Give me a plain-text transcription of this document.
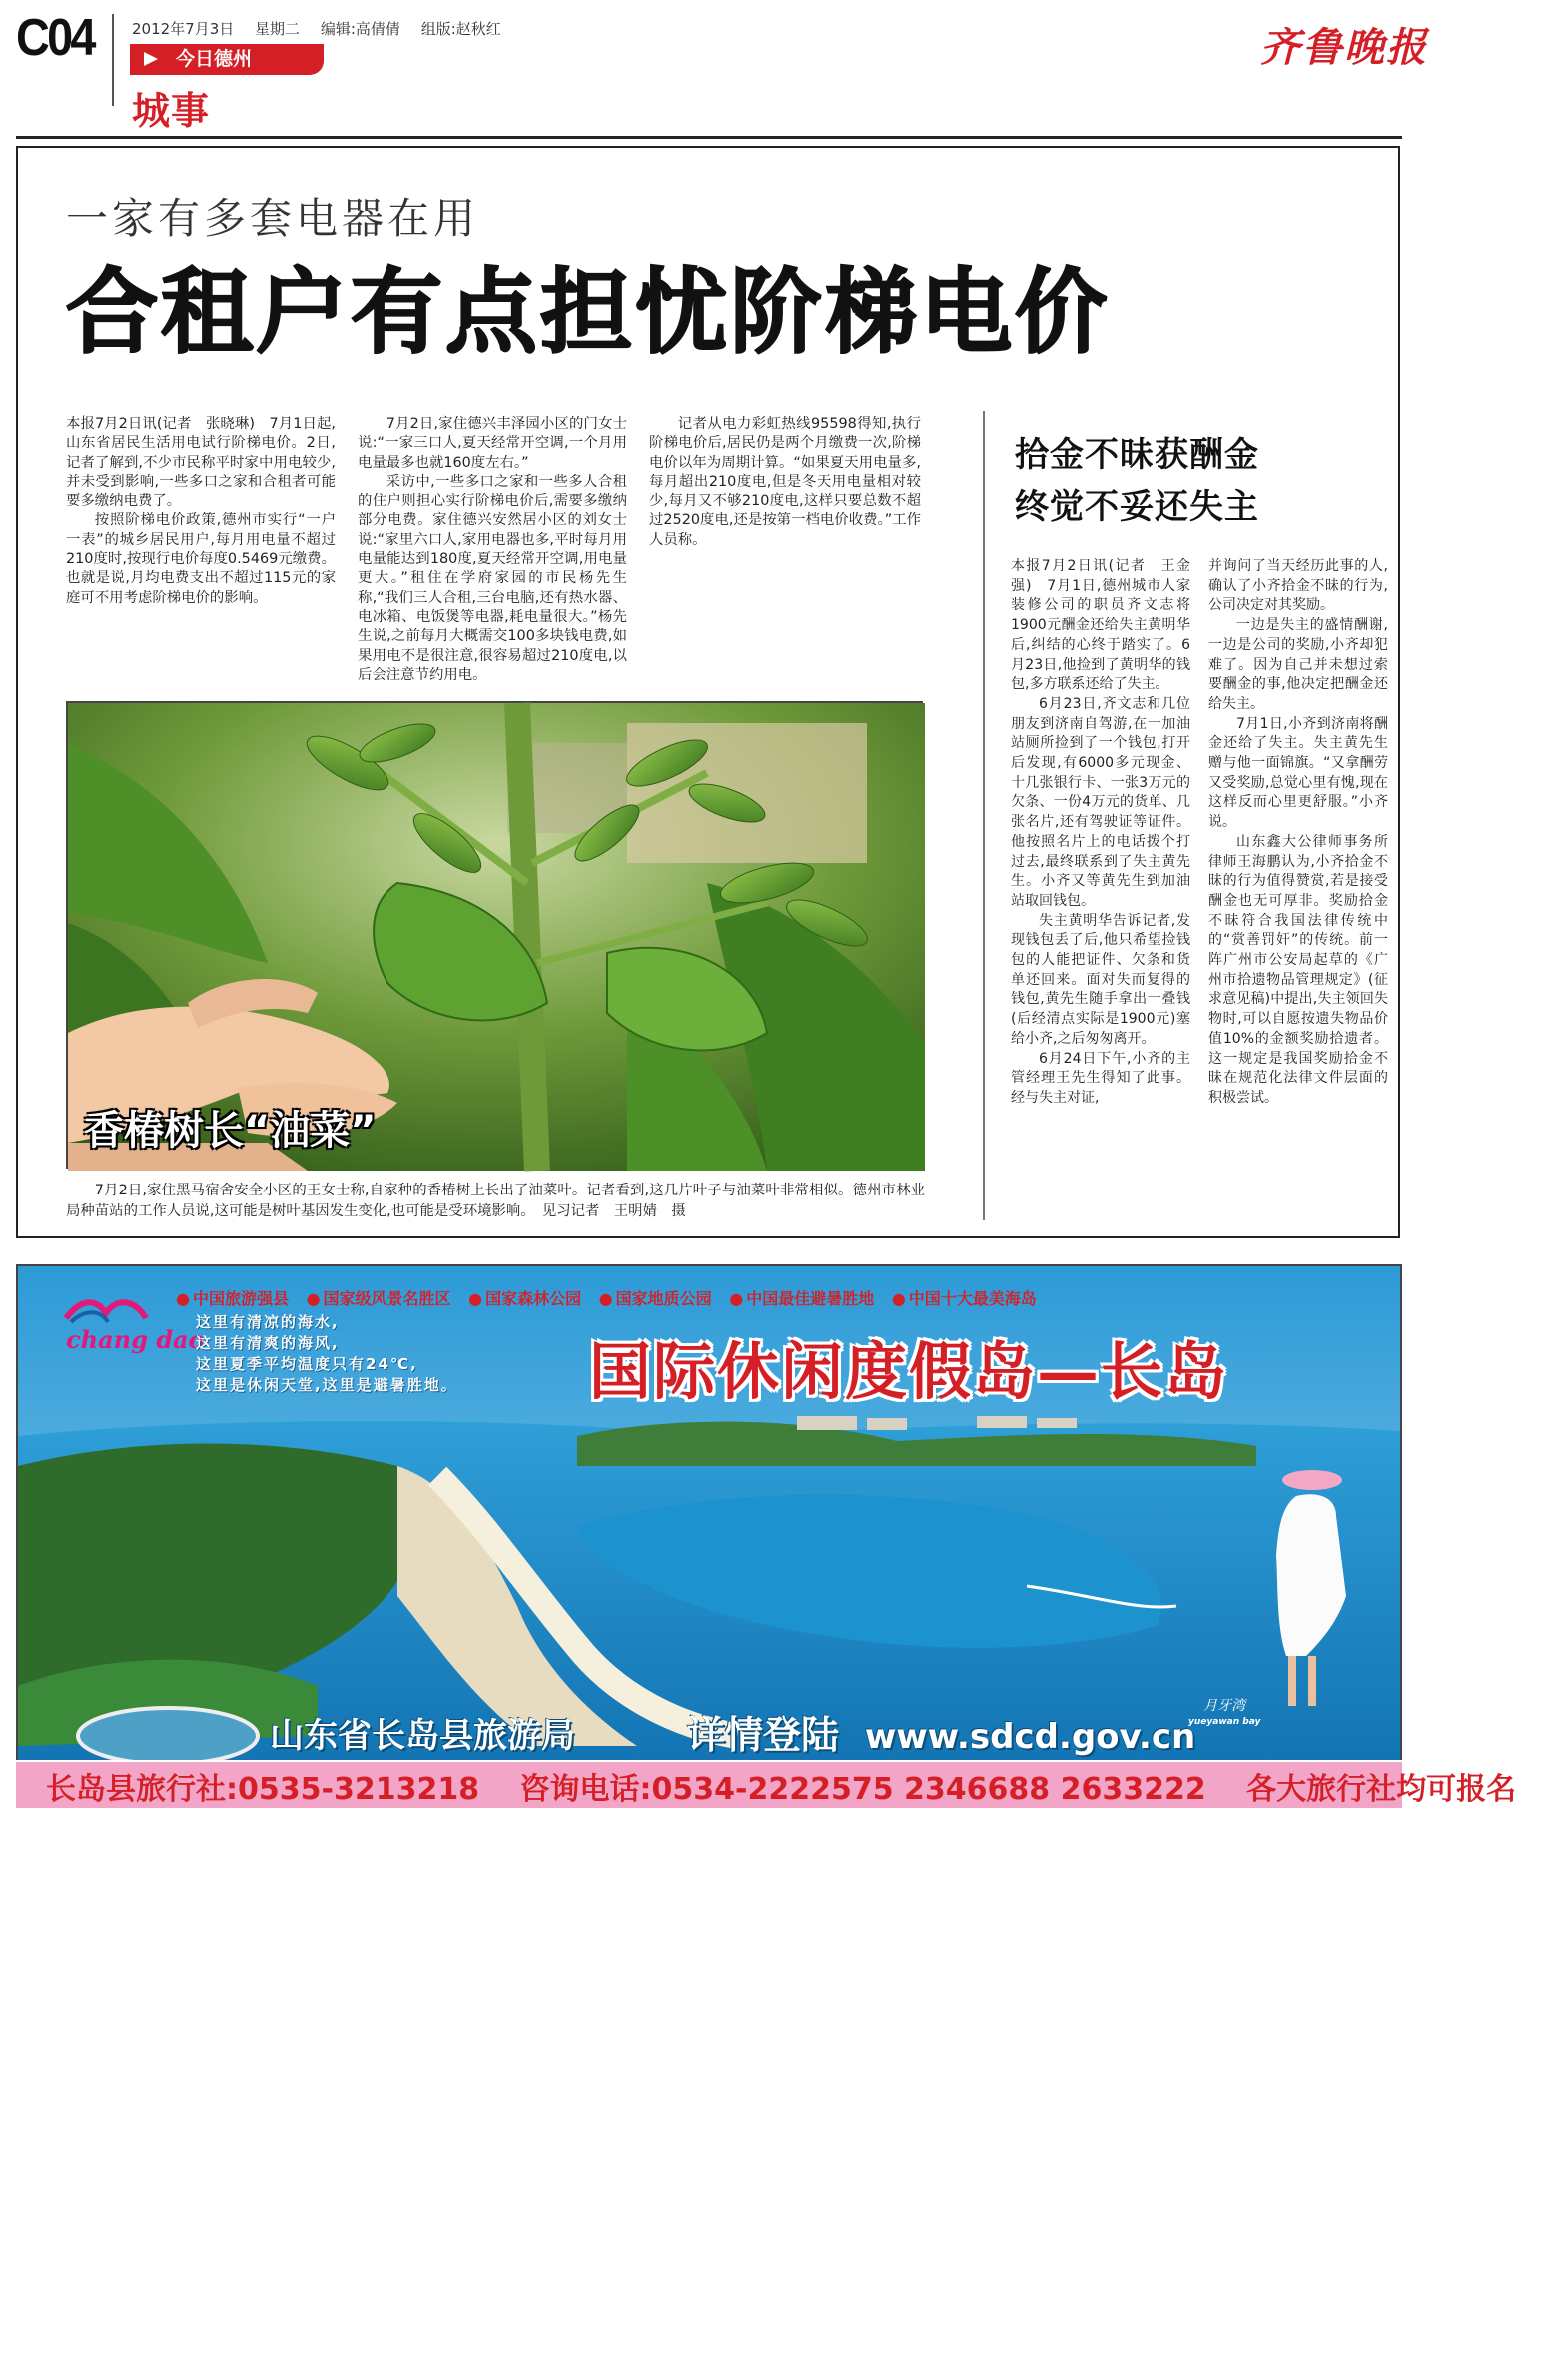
C04	2012年7月3日 星期二 编辑:高倩倩 组版:赵秋红
今日德州
城事
齐鲁晚报
一家有多套电器在用
合租户有点担忧阶梯电价

本报7月2日讯(记者　张晓琳)　7月1日起,山东省居民生活用电试行阶梯电价。2日,记者了解到,不少市民称平时家中用电较少,并未受到影响,一些多口之家和合租者可能要多缴纳电费了。

按照阶梯电价政策,德州市实行“一户一表”的城乡居民用户,每月用电量不超过210度时,按现行电价每度0.5469元缴费。也就是说,月均电费支出不超过115元的家庭可不用考虑阶梯电价的影响。

7月2日,家住德兴丰泽园小区的门女士说:“一家三口人,夏天经常开空调,一个月用电量最多也就160度左右。”

采访中,一些多口之家和一些多人合租的住户则担心实行阶梯电价后,需要多缴纳部分电费。家住德兴安然居小区的刘女士说:“家里六口人,家用电器也多,平时每月用电量能达到180度,夏天经常开空调,用电量更大。”租住在学府家园的市民杨先生称,“我们三人合租,三台电脑,还有热水器、电冰箱、电饭煲等电器,耗电量很大。”杨先生说,之前每月大概需交100多块钱电费,如果用电不是很注意,很容易超过210度电,以后会注意节约用电。

记者从电力彩虹热线95598得知,执行阶梯电价后,居民仍是两个月缴费一次,阶梯电价以年为周期计算。“如果夏天用电量多,每月超出210度电,但是冬天用电量相对较少,每月又不够210度电,这样只要总数不超过2520度电,还是按第一档电价收费。”工作人员称。

拾金不昧获酬金
终觉不妥还失主

本报7月2日讯(记者　王金强)　7月1日,德州城市人家装修公司的职员齐文志将1900元酬金还给失主黄明华后,纠结的心终于踏实了。6月23日,他捡到了黄明华的钱包,多方联系还给了失主。

6月23日,齐文志和几位朋友到济南自驾游,在一加油站厕所捡到了一个钱包,打开后发现,有6000多元现金、十几张银行卡、一张3万元的欠条、一份4万元的货单、几张名片,还有驾驶证等证件。他按照名片上的电话拨个打过去,最终联系到了失主黄先生。小齐又等黄先生到加油站取回钱包。

失主黄明华告诉记者,发现钱包丢了后,他只希望捡钱包的人能把证件、欠条和货单还回来。面对失而复得的钱包,黄先生随手拿出一叠钱(后经清点实际是1900元)塞给小齐,之后匆匆离开。

6月24日下午,小齐的主管经理王先生得知了此事。经与失主对证,

并询问了当天经历此事的人,确认了小齐拾金不昧的行为,公司决定对其奖励。

一边是失主的盛情酬谢,一边是公司的奖励,小齐却犯难了。因为自己并未想过索要酬金的事,他决定把酬金还给失主。

7月1日,小齐到济南将酬金还给了失主。失主黄先生赠与他一面锦旗。“又拿酬劳又受奖励,总觉心里有愧,现在这样反而心里更舒服。”小齐说。

山东鑫大公律师事务所律师王海鹏认为,小齐拾金不昧的行为值得赞赏,若是接受酬金也无可厚非。奖励拾金不昧符合我国法律传统中的“赏善罚奸”的传统。前一阵广州市公安局起草的《广州市拾遗物品管理规定》(征求意见稿)中提出,失主领回失物时,可以自愿按遗失物品价值10%的金额奖励拾遗者。这一规定是我国奖励拾金不昧在规范化法律文件层面的积极尝试。

香椿树长“油菜”
7月2日,家住黑马宿舍安全小区的王女士称,自家种的香椿树上长出了油菜叶。记者看到,这几片叶子与油菜叶非常相似。德州市林业局种苗站的工作人员说,这可能是树叶基因发生变化,也可能是受环境影响。　见习记者　王明婧　摄
chang dao
● 中国旅游强县 ● 国家级风景名胜区 ● 国家森林公园 ● 国家地质公园 ● 中国最佳避暑胜地 ● 中国十大最美海岛
这里有清凉的海水,
这里有清爽的海风,
这里夏季平均温度只有24℃,
这里是休闲天堂,这里是避暑胜地。 国际休闲度假岛—长岛
山东省长岛县旅游局	详情登陆 www.sdcd.gov.cn
月牙湾
yueyawan bay
长岛县旅行社:0535-3213218 咨询电话:0534-2222575 2346688 2633222 各大旅行社均可报名
